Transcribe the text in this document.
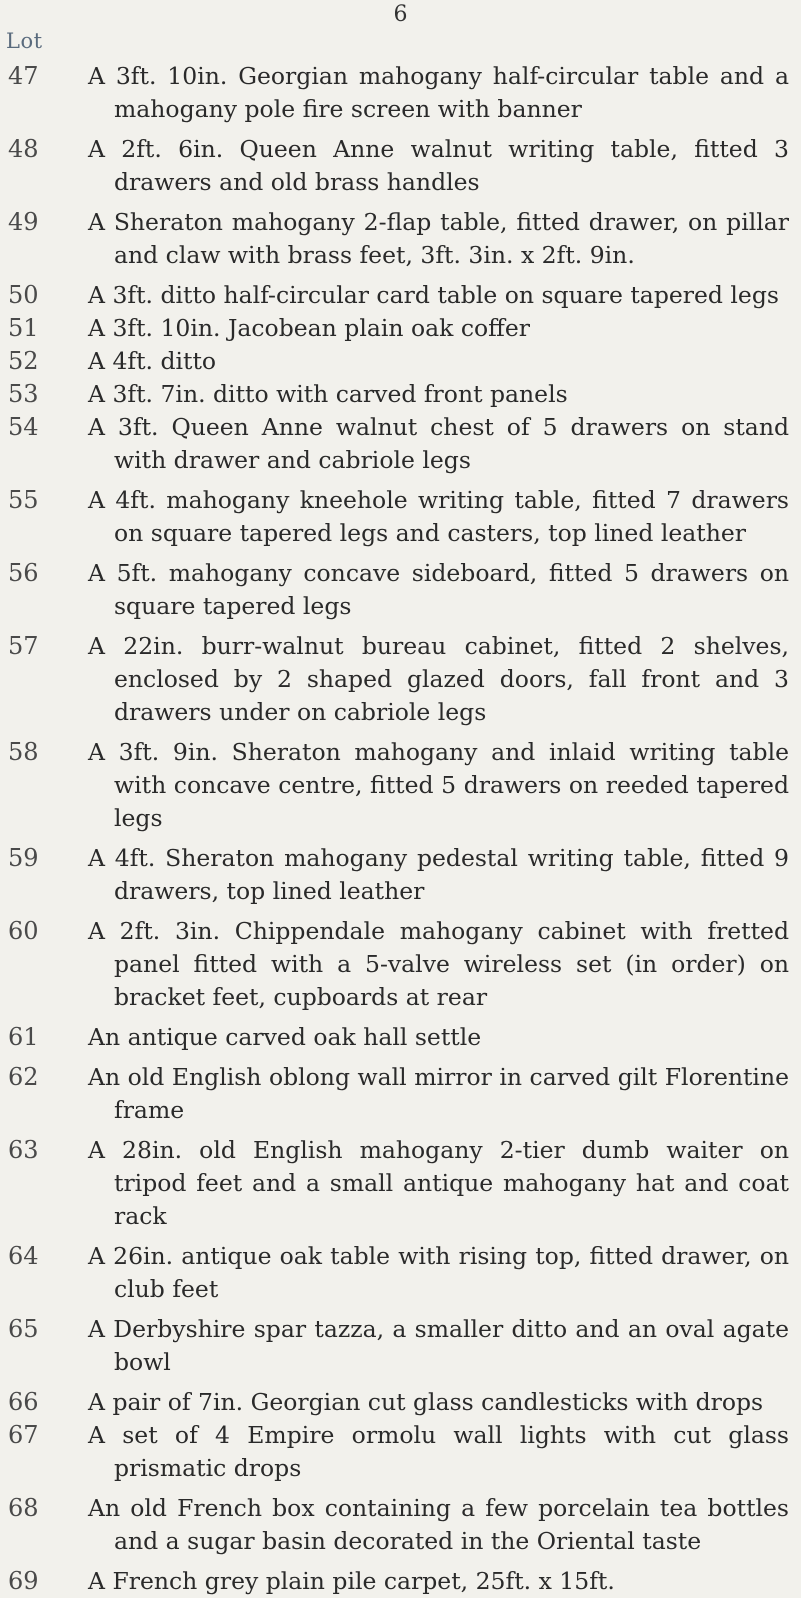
6
Lot
47	A 3ft. 10in. Georgian mahogany half-circular table and a mahogany pole fire screen with banner
48	A 2ft. 6in. Queen Anne walnut writing table, fitted 3 drawers and old brass handles
49	A Sheraton mahogany 2-flap table, fitted drawer, on pillar and claw with brass feet, 3ft. 3in. x 2ft. 9in.
50	A 3ft. ditto half-circular card table on square tapered legs
51	A 3ft. 10in. Jacobean plain oak coffer
52	A 4ft. ditto
53	A 3ft. 7in. ditto with carved front panels
54	A 3ft. Queen Anne walnut chest of 5 drawers on stand with drawer and cabriole legs
55	A 4ft. mahogany kneehole writing table, fitted 7 drawers on square tapered legs and casters, top lined leather
56	A 5ft. mahogany concave sideboard, fitted 5 drawers on square tapered legs
57	A 22in. burr-walnut bureau cabinet, fitted 2 shelves, enclosed by 2 shaped glazed doors, fall front and 3 drawers under on cabriole legs
58	A 3ft. 9in. Sheraton mahogany and inlaid writing table with concave centre, fitted 5 drawers on reeded tapered legs
59	A 4ft. Sheraton mahogany pedestal writing table, fitted 9 drawers, top lined leather
60	A 2ft. 3in. Chippendale mahogany cabinet with fretted panel fitted with a 5-valve wireless set (in order) on bracket feet, cupboards at rear
61	An antique carved oak hall settle
62	An old English oblong wall mirror in carved gilt Florentine frame
63	A 28in. old English mahogany 2-tier dumb waiter on tripod feet and a small antique mahogany hat and coat rack
64	A 26in. antique oak table with rising top, fitted drawer, on club feet
65	A Derbyshire spar tazza, a smaller ditto and an oval agate bowl
66	A pair of 7in. Georgian cut glass candlesticks with drops
67	A set of 4 Empire ormolu wall lights with cut glass prismatic drops
68	An old French box containing a few porcelain tea bottles and a sugar basin decorated in the Oriental taste
69	A French grey plain pile carpet, 25ft. x 15ft.
